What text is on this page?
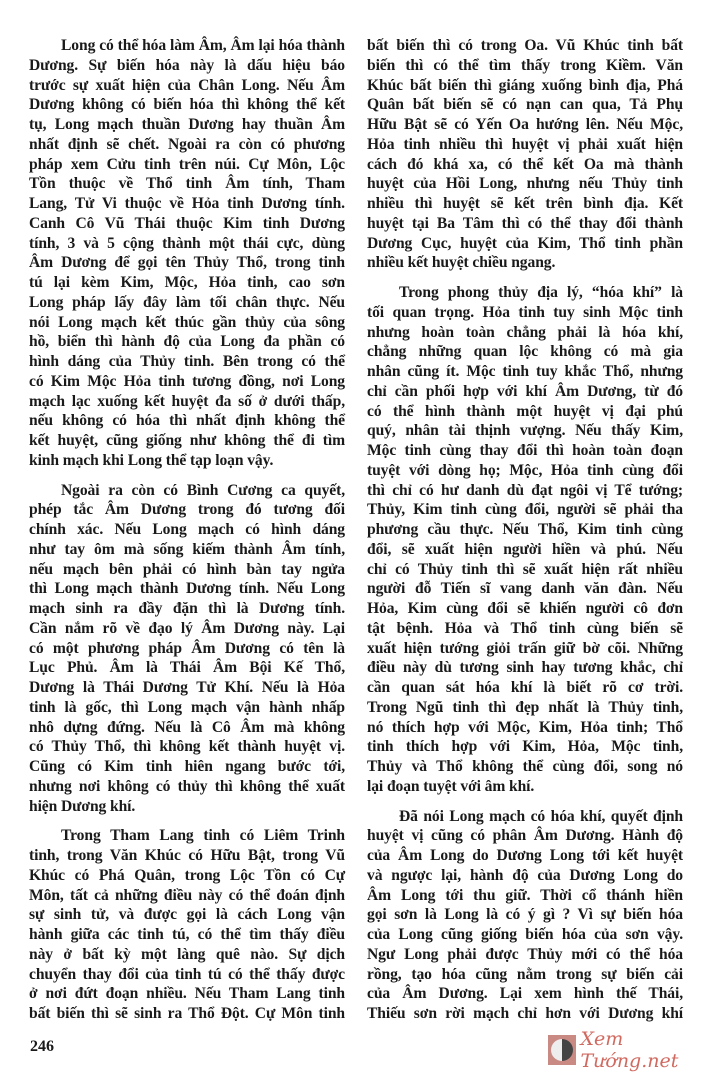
Long có thể hóa làm Âm, Âm lại hóa thành
Dương. Sự biến hóa này là dấu hiệu báo
trước sự xuất hiện của Chân Long. Nếu Âm
Dương không có biến hóa thì không thể kết
tụ, Long mạch thuần Dương hay thuần Âm
nhất định sẽ chết. Ngoài ra còn có phương
pháp xem Cửu tinh trên núi. Cự Môn, Lộc
Tồn thuộc về Thổ tinh Âm tính, Tham
Lang, Tử Vi thuộc về Hỏa tinh Dương tính.
Canh Cô Vũ Thái thuộc Kim tinh Dương
tính, 3 và 5 cộng thành một thái cực, dùng
Âm Dương để gọi tên Thủy Thổ, trong tinh
tú lại kèm Kim, Mộc, Hỏa tinh, cao sơn
Long pháp lấy đây làm tối chân thực. Nếu
nói Long mạch kết thúc gần thủy của sông
hồ, biển thì hành độ của Long đa phần có
hình dáng của Thủy tinh. Bên trong có thể
có Kim Mộc Hỏa tinh tương đồng, nơi Long
mạch lạc xuống kết huyệt đa số ở dưới thấp,
nếu không có hóa thì nhất định không thể
kết huyệt, cũng giống như không thể đi tìm
kinh mạch khi Long thể tạp loạn vậy.
Ngoài ra còn có Bình Cương ca quyết,
phép tắc Âm Dương trong đó tương đối
chính xác. Nếu Long mạch có hình dáng
như tay ôm mà sống kiếm thành Âm tính,
nếu mạch bên phải có hình bàn tay ngửa
thì Long mạch thành Dương tính. Nếu Long
mạch sinh ra đầy đặn thì là Dương tính.
Cần nắm rõ về đạo lý Âm Dương này. Lại
có một phương pháp Âm Dương có tên là
Lục Phủ. Âm là Thái Âm Bội Kế Thổ,
Dương là Thái Dương Tử Khí. Nếu là Hỏa
tinh là gốc, thì Long mạch vận hành nhấp
nhô dựng đứng. Nếu là Cô Âm mà không
có Thủy Thổ, thì không kết thành huyệt vị.
Cũng có Kim tinh hiên ngang bước tới,
nhưng nơi không có thủy thì không thể xuất
hiện Dương khí.
Trong Tham Lang tinh có Liêm Trinh
tinh, trong Văn Khúc có Hữu Bật, trong Vũ
Khúc có Phá Quân, trong Lộc Tồn có Cự
Môn, tất cả những điều này có thể đoán định
sự sinh tử, và được gọi là cách Long vận
hành giữa các tinh tú, có thể tìm thấy điều
này ở bất kỳ một làng quê nào. Sự dịch
chuyển thay đổi của tinh tú có thể thấy được
ở nơi đứt đoạn nhiều. Nếu Tham Lang tinh
bất biến thì sẽ sinh ra Thổ Đột. Cự Môn tinh
bất biến thì có trong Oa. Vũ Khúc tinh bất
biến thì có thể tìm thấy trong Kiềm. Văn
Khúc bất biến thì giáng xuống bình địa, Phá
Quân bất biến sẽ có nạn can qua, Tả Phụ
Hữu Bật sẽ có Yến Oa hướng lên. Nếu Mộc,
Hỏa tinh nhiều thì huyệt vị phải xuất hiện
cách đó khá xa, có thể kết Oa mà thành
huyệt của Hồi Long, nhưng nếu Thủy tinh
nhiều thì huyệt sẽ kết trên bình địa. Kết
huyệt tại Ba Tâm thì có thể thay đổi thành
Dương Cục, huyệt của Kim, Thổ tinh phần
nhiều kết huyệt chiều ngang.
Trong phong thủy địa lý, “hóa khí” là
tối quan trọng. Hỏa tinh tuy sinh Mộc tinh
nhưng hoàn toàn chẳng phải là hóa khí,
chẳng những quan lộc không có mà gia
nhân cũng ít. Mộc tinh tuy khắc Thổ, nhưng
chỉ cần phối hợp với khí Âm Dương, từ đó
có thể hình thành một huyệt vị đại phú
quý, nhân tài thịnh vượng. Nếu thấy Kim,
Mộc tinh cùng thay đổi thì hoàn toàn đoạn
tuyệt với dòng họ; Mộc, Hỏa tinh cùng đổi
thì chỉ có hư danh dù đạt ngôi vị Tể tướng;
Thủy, Kim tinh cùng đổi, người sẽ phải tha
phương cầu thực. Nếu Thổ, Kim tinh cùng
đổi, sẽ xuất hiện người hiền và phú. Nếu
chỉ có Thủy tinh thì sẽ xuất hiện rất nhiều
người đỗ Tiến sĩ vang danh văn đàn. Nếu
Hỏa, Kim cùng đổi sẽ khiến người cô đơn
tật bệnh. Hỏa và Thổ tinh cùng biến sẽ
xuất hiện tướng giỏi trấn giữ bờ cõi. Những
điều này dù tương sinh hay tương khắc, chỉ
cần quan sát hóa khí là biết rõ cơ trời.
Trong Ngũ tinh thì đẹp nhất là Thủy tinh,
nó thích hợp với Mộc, Kim, Hỏa tinh; Thổ
tinh thích hợp với Kim, Hỏa, Mộc tinh,
Thủy và Thổ không thể cùng đổi, song nó
lại đoạn tuyệt với âm khí.
Đã nói Long mạch có hóa khí, quyết định
huyệt vị cũng có phân Âm Dương. Hành độ
của Âm Long do Dương Long tới kết huyệt
và ngược lại, hành độ của Dương Long do
Âm Long tới thu giữ. Thời cổ thánh hiền
gọi sơn là Long là có ý gì ? Vì sự biến hóa
của Long cũng giống biến hóa của sơn vậy.
Ngư Long phải được Thủy mới có thể hóa
rồng, tạo hóa cũng nằm trong sự biến cải
của Âm Dương. Lại xem hình thế Thái,
Thiếu sơn rời mạch chỉ hơn với Dương khí
246	Xem Tướng.net
